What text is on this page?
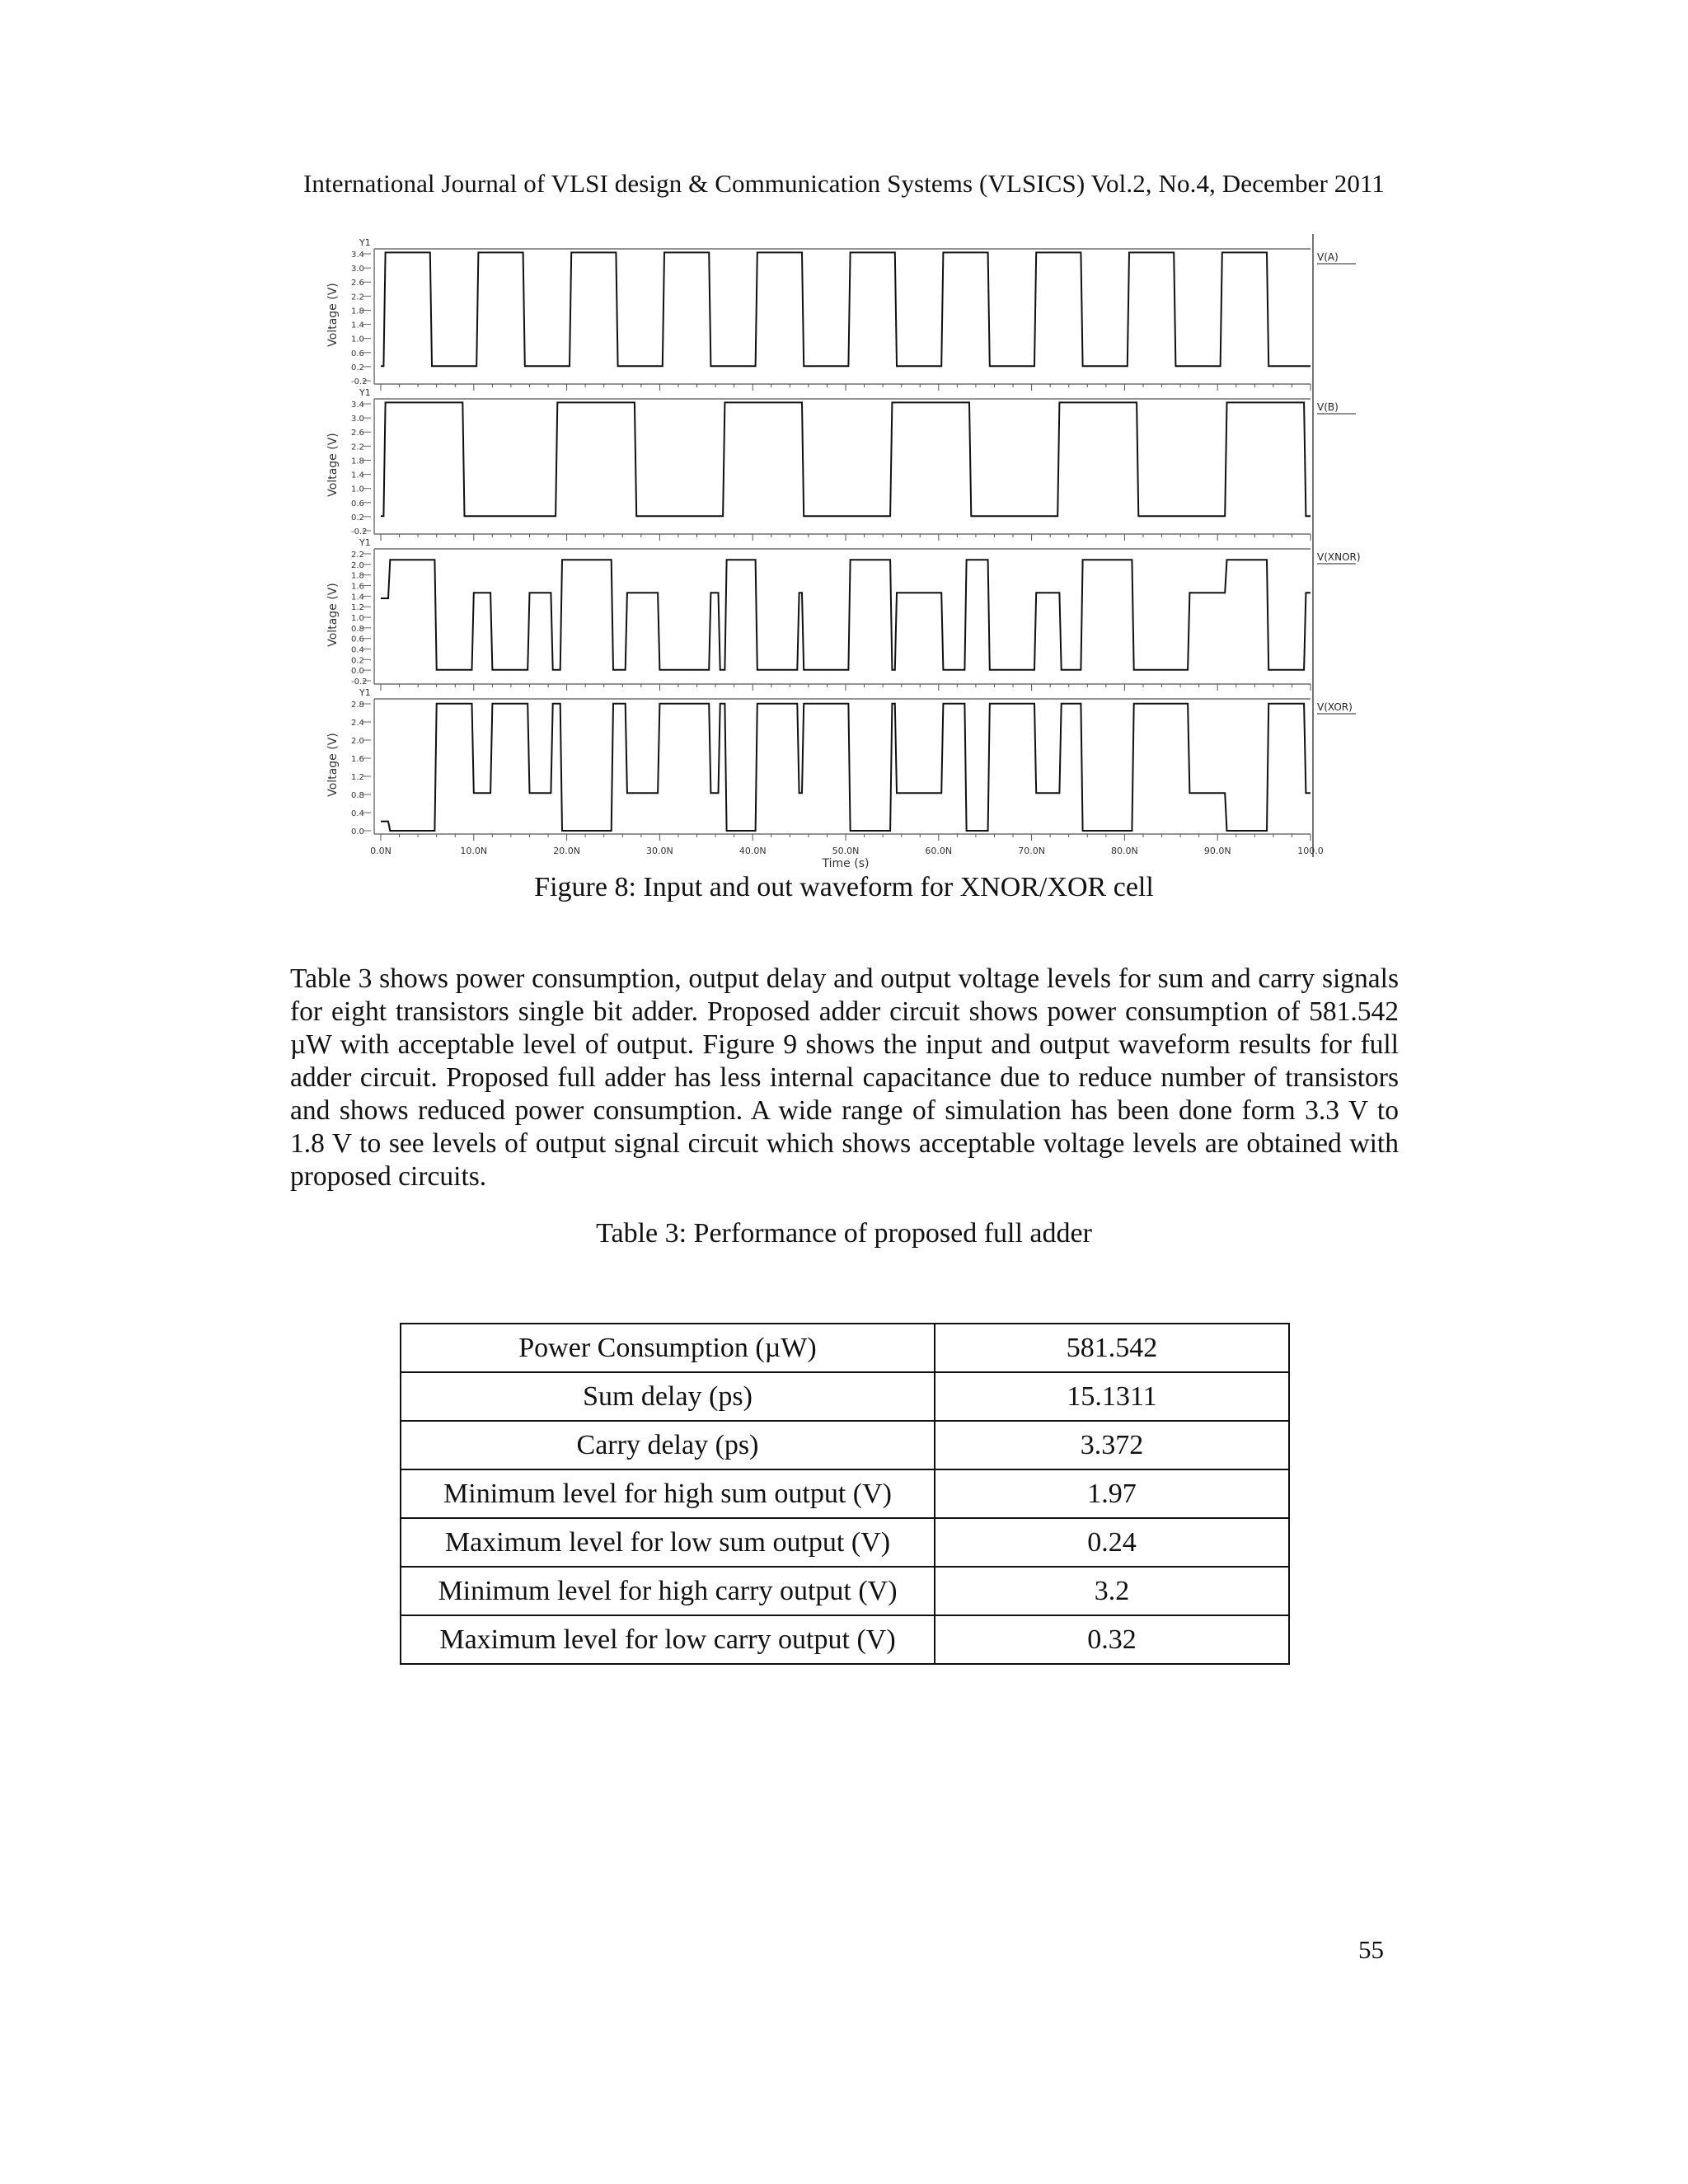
International Journal of VLSI design & Communication Systems (VLSICS) Vol.2, No.4, December 2011
Y1
3.4
3.0
2.6
2.2
1.8
1.4
1.0
0.6
0.2
-0.2
Voltage (V)
V(A)
Y1
3.4
3.0
2.6
2.2
1.8
1.4
1.0
0.6
0.2
-0.2
Voltage (V)
V(B)
Y1
2.2
2.0
1.8
1.6
1.4
1.2
1.0
0.8
0.6
0.4
0.2
0.0
-0.2
Voltage (V)
V(XNOR)
Y1
2.8
2.4
2.0
1.6
1.2
0.8
0.4
0.0
Voltage (V)
V(XOR)
0.0N	10.0N	20.0N	30.0N	40.0N	50.0N	60.0N	70.0N	80.0N	90.0N	100.0
Time (s)
Figure 8: Input and out waveform for XNOR/XOR cell

Table 3 shows power consumption, output delay and output voltage levels for sum and carry signals for eight transistors single bit adder. Proposed adder circuit shows power consumption of 581.542 µW with acceptable level of output. Figure 9 shows the input and output waveform results for full adder circuit. Proposed full adder has less internal capacitance due to reduce number of transistors and shows reduced power consumption. A wide range of simulation has been done form 3.3 V to 1.8 V to see levels of output signal circuit which shows acceptable voltage levels are obtained with proposed circuits.

Table 3: Performance of proposed full adder
Power Consumption (µW)	581.542
Sum delay (ps)	15.1311
Carry delay (ps)	3.372
Minimum level for high sum output (V)	1.97
Maximum level for low sum output (V)	0.24
Minimum level for high carry output (V)	3.2
Maximum level for low carry output (V)	0.32
55
